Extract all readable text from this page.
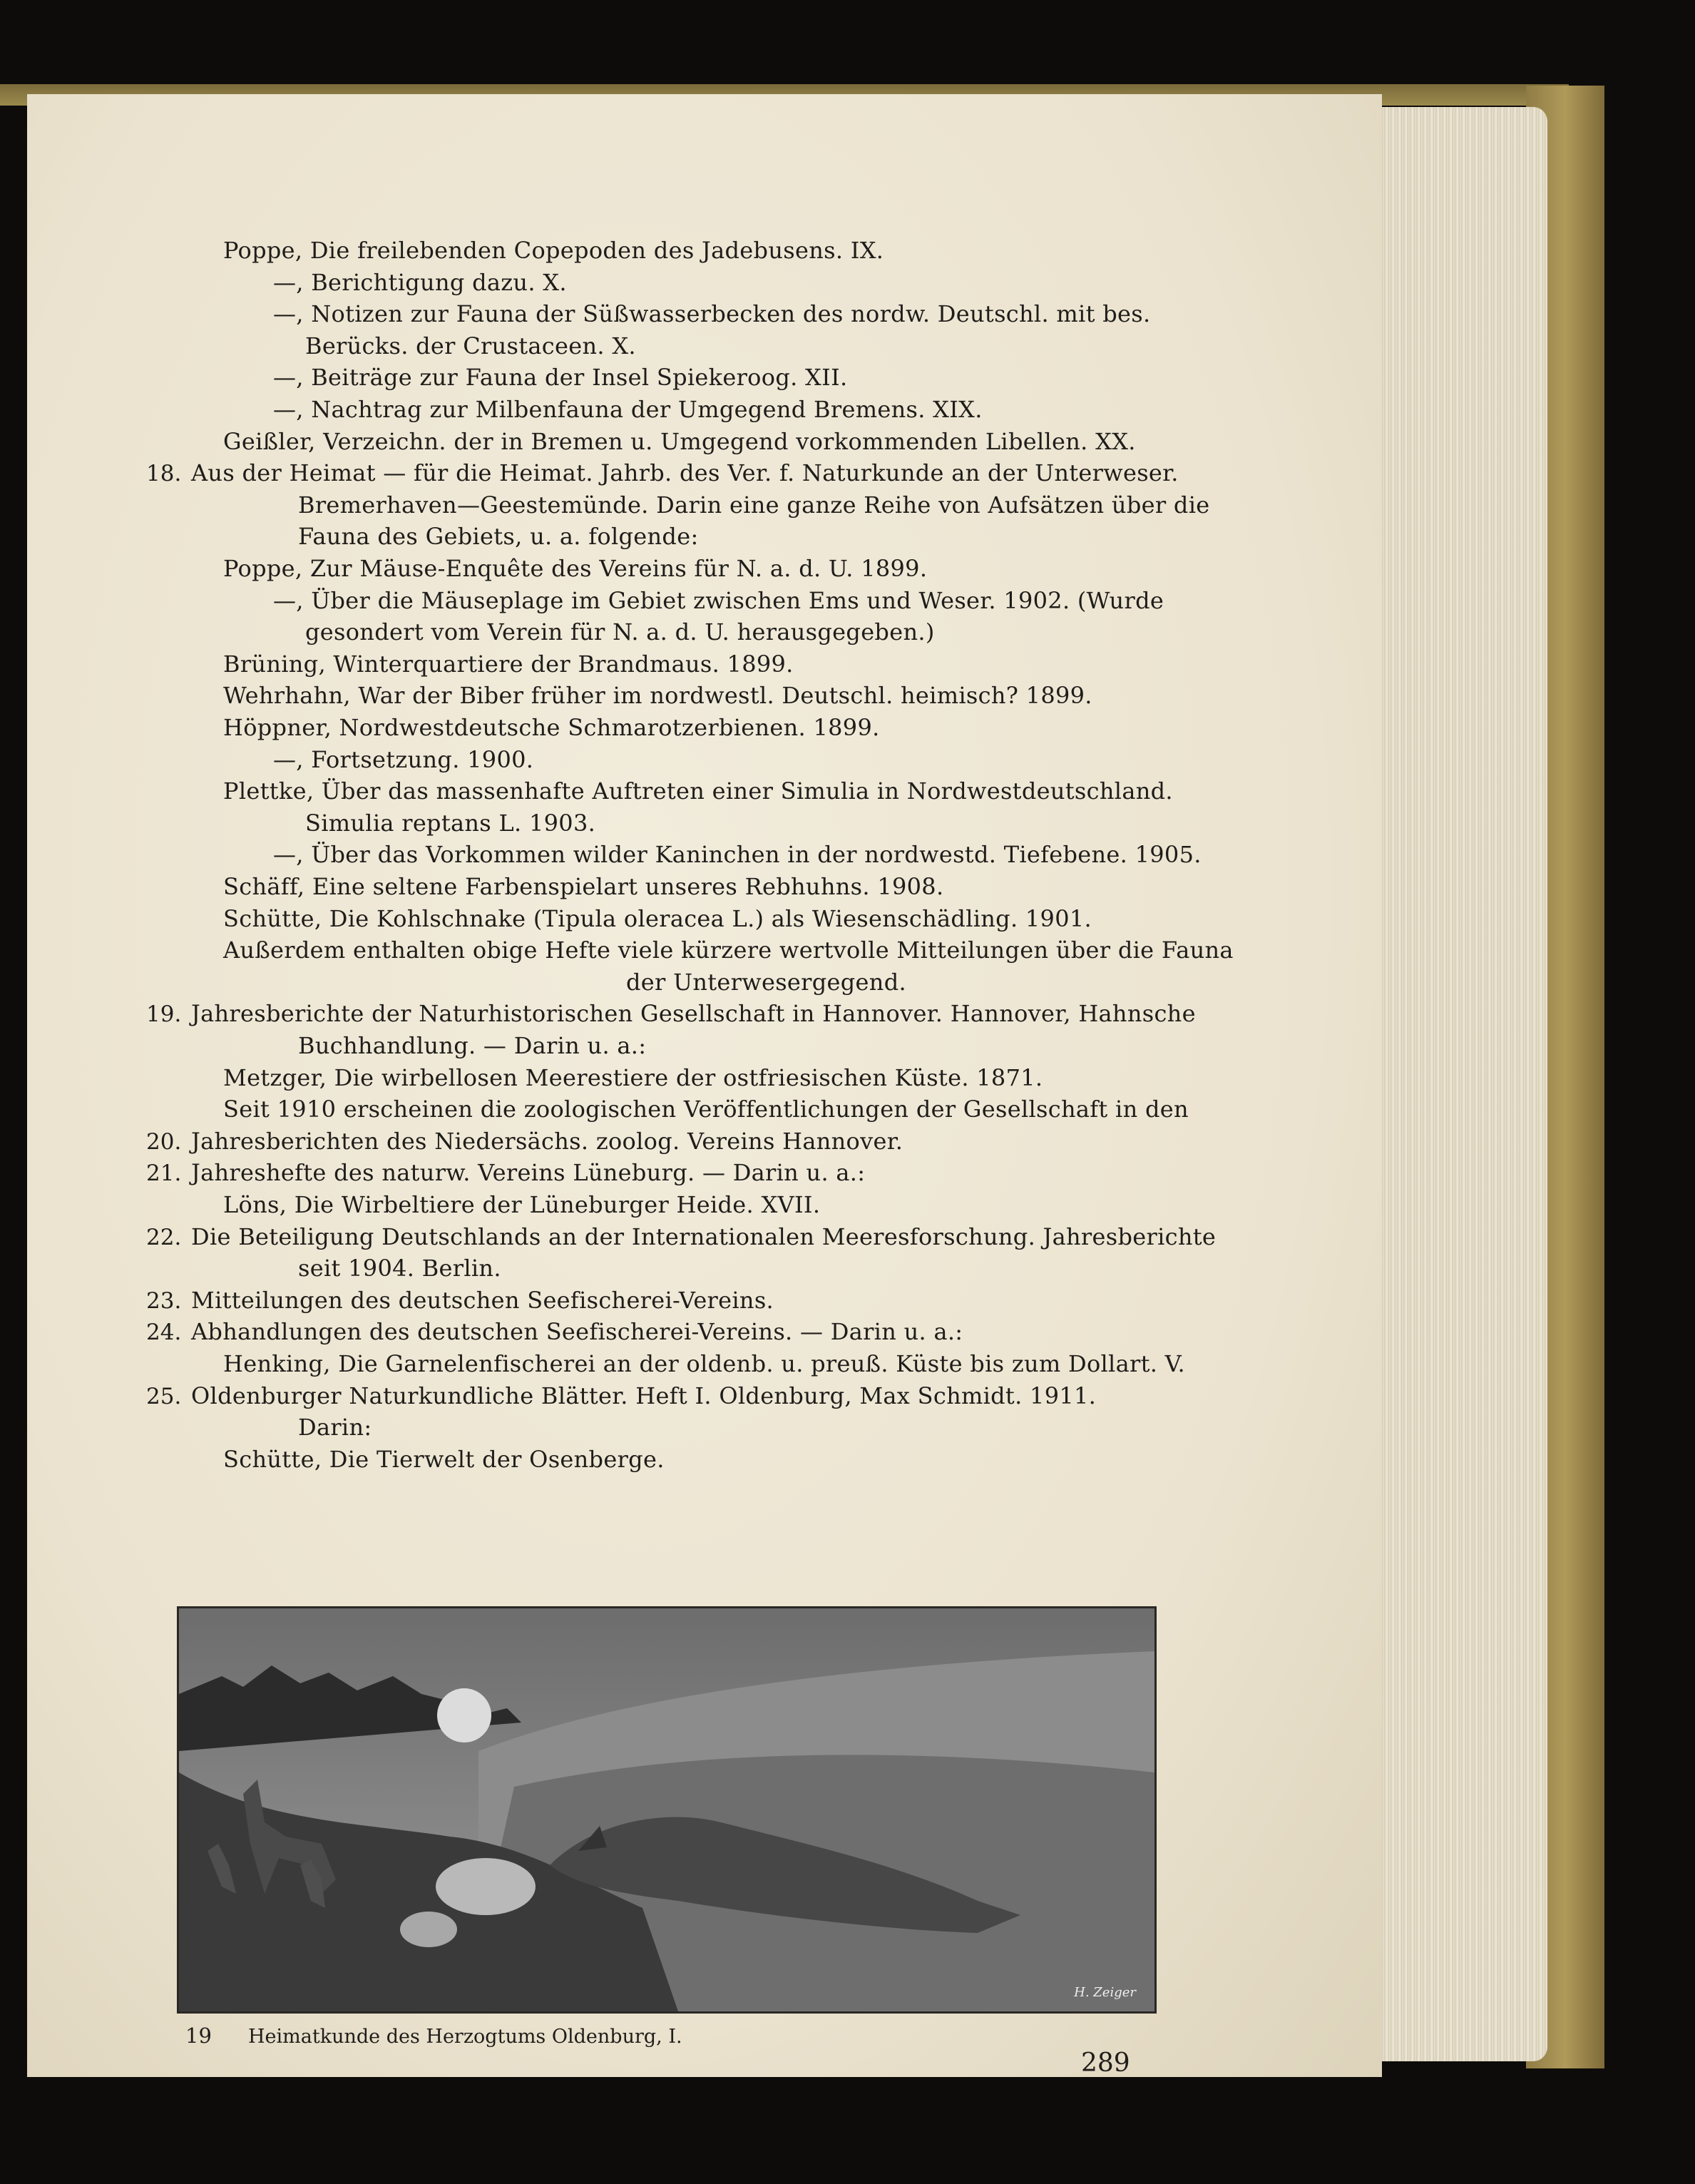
Poppe, Die freilebenden Copepoden des Jadebusens. IX.
—, Berichtigung dazu. X.
—, Notizen zur Fauna der Süßwasserbecken des nordw. Deutschl. mit bes.
Berücks. der Crustaceen. X.
—, Beiträge zur Fauna der Insel Spiekeroog. XII.
—, Nachtrag zur Milbenfauna der Umgegend Bremens. XIX.
Geißler, Verzeichn. der in Bremen u. Umgegend vorkommenden Libellen. XX.
18. Aus der Heimat — für die Heimat. Jahrb. des Ver. f. Naturkunde an der Unterweser.
Bremerhaven—Geestemünde. Darin eine ganze Reihe von Aufsätzen über die
Fauna des Gebiets, u. a. folgende:
Poppe, Zur Mäuse-Enquête des Vereins für N. a. d. U. 1899.
—, Über die Mäuseplage im Gebiet zwischen Ems und Weser. 1902. (Wurde
gesondert vom Verein für N. a. d. U. herausgegeben.)
Brüning, Winterquartiere der Brandmaus. 1899.
Wehrhahn, War der Biber früher im nordwestl. Deutschl. heimisch? 1899.
Höppner, Nordwestdeutsche Schmarotzerbienen. 1899.
—, Fortsetzung. 1900.
Plettke, Über das massenhafte Auftreten einer Simulia in Nordwestdeutschland.
Simulia reptans L. 1903.
—, Über das Vorkommen wilder Kaninchen in der nordwestd. Tiefebene. 1905.
Schäff, Eine seltene Farbenspielart unseres Rebhuhns. 1908.
Schütte, Die Kohlschnake (Tipula oleracea L.) als Wiesenschädling. 1901.
Außerdem enthalten obige Hefte viele kürzere wertvolle Mitteilungen über die Fauna
der Unterwesergegend.
19. Jahresberichte der Naturhistorischen Gesellschaft in Hannover. Hannover, Hahnsche
Buchhandlung. — Darin u. a.:
Metzger, Die wirbellosen Meerestiere der ostfriesischen Küste. 1871.
Seit 1910 erscheinen die zoologischen Veröffentlichungen der Gesellschaft in den
20. Jahresberichten des Niedersächs. zoolog. Vereins Hannover.
21. Jahreshefte des naturw. Vereins Lüneburg. — Darin u. a.:
Löns, Die Wirbeltiere der Lüneburger Heide. XVII.
22. Die Beteiligung Deutschlands an der Internationalen Meeresforschung. Jahresberichte
seit 1904. Berlin.
23. Mitteilungen des deutschen Seefischerei-Vereins.
24. Abhandlungen des deutschen Seefischerei-Vereins. — Darin u. a.:
Henking, Die Garnelenfischerei an der oldenb. u. preuß. Küste bis zum Dollart. V.
25. Oldenburger Naturkundliche Blätter. Heft I. Oldenburg, Max Schmidt. 1911.
Darin:
Schütte, Die Tierwelt der Osenberge.
H. Zeiger
19 Heimatkunde des Herzogtums Oldenburg, I.
289
